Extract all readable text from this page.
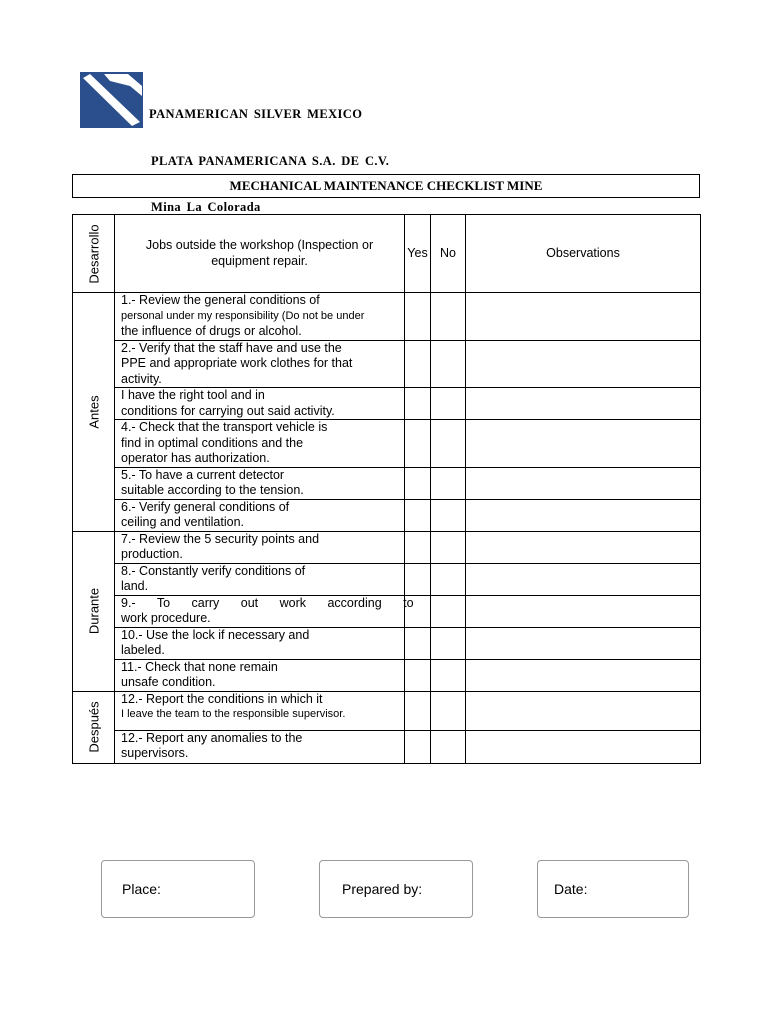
PANAMERICAN SILVER MEXICO

PLATA PANAMERICANA S.A. DE C.V.

Mina La Colorada

MECHANICAL MAINTENANCE CHECKLIST MINE
Desarrollo	Jobs outside the workshop (Inspection or equipment repair.	Yes	No	Observations

Antes	1.- Review the general conditions of
personal under my responsibility (Do not be under
the influence of drugs or alcohol.			

	2.- Verify that the staff have and use the
PPE and appropriate work clothes for that
activity.			

	I have the right tool and in
conditions for carrying out said activity.			

	4.- Check that the transport vehicle is
find in optimal conditions and the
operator has authorization.			

	5.- To have a current detector
suitable according to the tension.			

	6.- Verify general conditions of
ceiling and ventilation.			

Durante	7.- Review the 5 security points and
production.			

	8.- Constantly verify conditions of
land.			

	9.- To carry out work according to
work procedure.			

	10.- Use the lock if necessary and
labeled.			

	11.- Check that none remain
unsafe condition.			

Después	12.- Report the conditions in which it
I leave the team to the responsible supervisor.			

	12.- Report any anomalies to the
supervisors.			

Place:	Prepared by:	Date:
